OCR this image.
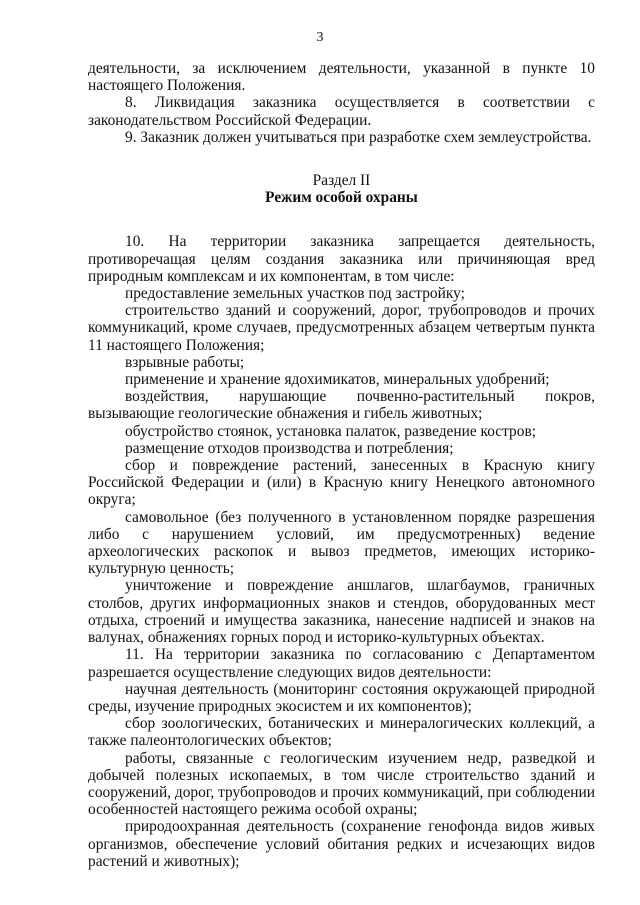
3

деятельности, за исключением деятельности, указанной в пункте 10 настоящего Положения.

8. Ликвидация заказника осуществляется в соответствии с законодательством Российской Федерации.

9. Заказник должен учитываться при разработке схем землеустройства.

Раздел II

Режим особой охраны

10. На территории заказника запрещается деятельность, противоречащая целям создания заказника или причиняющая вред природным комплексам и их компонентам, в том числе:

предоставление земельных участков под застройку;

строительство зданий и сооружений, дорог, трубопроводов и прочих коммуникаций, кроме случаев, предусмотренных абзацем четвертым пункта 11 настоящего Положения;

взрывные работы;

применение и хранение ядохимикатов, минеральных удобрений;

воздействия, нарушающие почвенно-растительный покров, вызывающие геологические обнажения и гибель животных;

обустройство стоянок, установка палаток, разведение костров;

размещение отходов производства и потребления;

сбор и повреждение растений, занесенных в Красную книгу Российской Федерации и (или) в Красную книгу Ненецкого автономного округа;

самовольное (без полученного в установленном порядке разрешения либо с нарушением условий, им предусмотренных) ведение археологических раскопок и вывоз предметов, имеющих историко-культурную ценность;

уничтожение и повреждение аншлагов, шлагбаумов, граничных столбов, других информационных знаков и стендов, оборудованных мест отдыха, строений и имущества заказника, нанесение надписей и знаков на валунах, обнажениях горных пород и историко-культурных объектах.

11. На территории заказника по согласованию с Департаментом разрешается осуществление следующих видов деятельности:

научная деятельность (мониторинг состояния окружающей природной среды, изучение природных экосистем и их компонентов);

сбор зоологических, ботанических и минералогических коллекций, а также палеонтологических объектов;

работы, связанные с геологическим изучением недр, разведкой и добычей полезных ископаемых, в том числе строительство зданий и сооружений, дорог, трубопроводов и прочих коммуникаций, при соблюдении особенностей настоящего режима особой охраны;

природоохранная деятельность (сохранение генофонда видов живых организмов, обеспечение условий обитания редких и исчезающих видов растений и животных);
